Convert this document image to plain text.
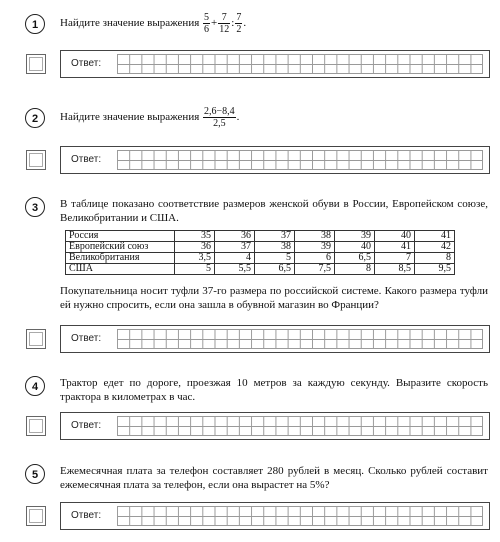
1	Найдите значение выражения $\frac{5}{6} + \frac{7}{12}$ : $\frac{7}{2}$ .
Ответ:
2	Найдите значение выражения $\frac{2,6-8,4}{2,5}$ .
Ответ:
3	В таблице показано соответствие размеров женской обуви в России, Европейском союзе, Великобритании и США.
Россия	35	36	37	38	39	40	41
Европейский союз	36	37	38	39	40	41	42
Великобритания	3,5	4	5	6	6,5	7	8
США	5	5,5	6,5	7,5	8	8,5	9,5
Покупательница носит туфли 37-го размера по российской системе. Какого размера туфли ей нужно спросить, если она зашла в обувной магазин во Франции?
Ответ:
4	Трактор едет по дороге, проезжая 10 метров за каждую секунду. Выразите скорость трактора в километрах в час.
Ответ:
5	Ежемесячная плата за телефон составляет 280 рублей в месяц. Сколько рублей составит ежемесячная плата за телефон, если она вырастет на 5%?
Ответ:
